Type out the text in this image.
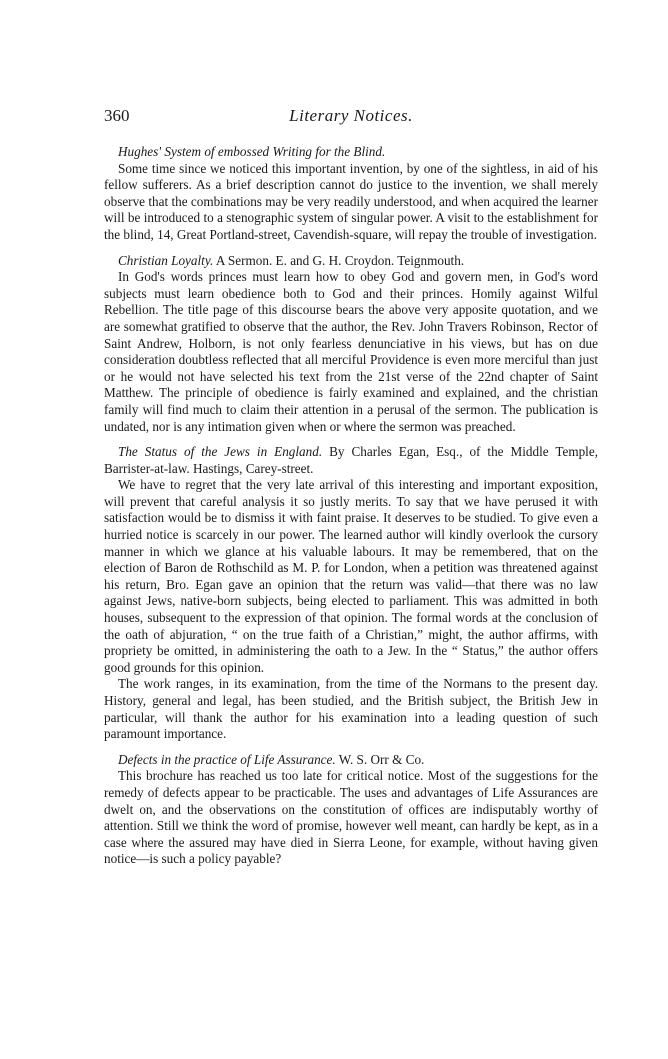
360	Literary Notices.

Hughes' System of embossed Writing for the Blind.

Some time since we noticed this important invention, by one of the sightless, in aid of his fellow sufferers. As a brief description cannot do justice to the invention, we shall merely observe that the combinations may be very readily understood, and when acquired the learner will be introduced to a stenographic system of singular power. A visit to the establishment for the blind, 14, Great Portland-street, Cavendish-square, will repay the trouble of investigation.

Christian Loyalty. A Sermon. E. and G. H. Croydon. Teignmouth.

In God's words princes must learn how to obey God and govern men, in God's word subjects must learn obedience both to God and their princes. Homily against Wilful Rebellion. The title page of this discourse bears the above very apposite quotation, and we are somewhat gratified to observe that the author, the Rev. John Travers Robinson, Rector of Saint Andrew, Holborn, is not only fearless denunciative in his views, but has on due consideration doubtless reflected that all merciful Providence is even more merciful than just or he would not have selected his text from the 21st verse of the 22nd chapter of Saint Matthew. The principle of obedience is fairly examined and explained, and the christian family will find much to claim their attention in a perusal of the sermon. The publication is undated, nor is any intimation given when or where the sermon was preached.

The Status of the Jews in England. By Charles Egan, Esq., of the Middle Temple, Barrister-at-law. Hastings, Carey-street.

We have to regret that the very late arrival of this interesting and important exposition, will prevent that careful analysis it so justly merits. To say that we have perused it with satisfaction would be to dismiss it with faint praise. It deserves to be studied. To give even a hurried notice is scarcely in our power. The learned author will kindly overlook the cursory manner in which we glance at his valuable labours. It may be remembered, that on the election of Baron de Rothschild as M. P. for London, when a petition was threatened against his return, Bro. Egan gave an opinion that the return was valid—that there was no law against Jews, native-born subjects, being elected to parliament. This was admitted in both houses, subsequent to the expression of that opinion. The formal words at the conclusion of the oath of abjuration, “ on the true faith of a Christian,” might, the author affirms, with propriety be omitted, in administering the oath to a Jew. In the “ Status,” the author offers good grounds for this opinion.

The work ranges, in its examination, from the time of the Normans to the present day. History, general and legal, has been studied, and the British subject, the British Jew in particular, will thank the author for his examination into a leading question of such paramount importance.

Defects in the practice of Life Assurance. W. S. Orr & Co.

This brochure has reached us too late for critical notice. Most of the suggestions for the remedy of defects appear to be practicable. The uses and advantages of Life Assurances are dwelt on, and the observations on the constitution of offices are indisputably worthy of attention. Still we think the word of promise, however well meant, can hardly be kept, as in a case where the assured may have died in Sierra Leone, for example, without having given notice—is such a policy payable?
